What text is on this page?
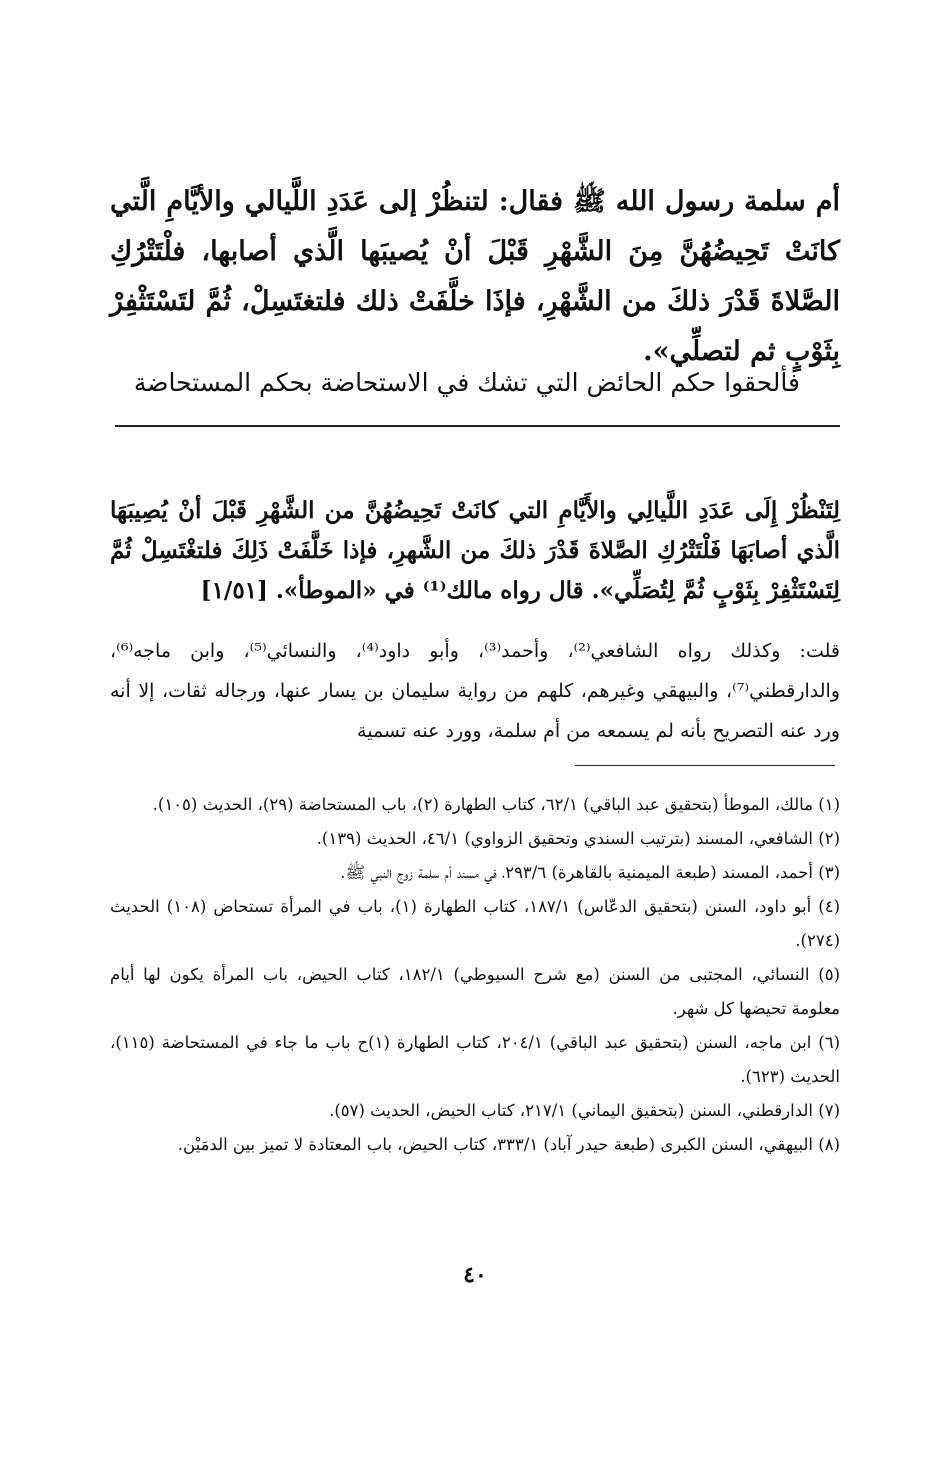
أم سلمة رسول الله ﷺ فقال: لتنظُرْ إلى عَدَدِ اللَّيالي والأيَّامِ الَّتي كانَتْ تَحِيضُهُنَّ مِنَ الشَّهْرِ قَبْلَ أنْ يُصيبَها الَّذي أصابها، فلْتَتْرُكِ الصَّلاةَ قَدْرَ ذلكَ من الشَّهْرِ، فإذَا خلَّفَتْ ذلك فلتغتَسِلْ، ثُمَّ لتَسْتَثْفِرْ بِثَوْبٍ ثم لتصلِّي».

فألحقوا حكم الحائض التي تشك في الاستحاضة بحكم المستحاضة

لِتَنْظُرْ إِلَى عَدَدِ اللَّيالِي والأَيَّامِ التي كانَتْ تَحِيضُهُنَّ من الشَّهْرِ قَبْلَ أنْ يُصِيبَهَا الَّذي أصابَهَا فَلْتَتْرُكِ الصَّلاةَ قَدْرَ ذلكَ من الشَّهرِ، فإذا خَلَّفَتْ ذَلِكَ فلتغْتَسِلْ ثُمَّ لِتَسْتَثْفِرْ بِثَوْبٍ ثُمَّ لِتُصَلِّي». قال رواه مالك⁽¹⁾ في «الموطأ». [١/٥١]

قلت: وكذلك رواه الشافعي⁽²⁾، وأحمد⁽³⁾، وأبو داود⁽⁴⁾، والنسائي⁽⁵⁾، وابن ماجه⁽⁶⁾، والدارقطني⁽⁷⁾، والبيهقي وغيرهم، كلهم من رواية سليمان بن يسار عنها، ورجاله ثقات، إلا أنه ورد عنه التصريح بأنه لم يسمعه من أم سلمة، وورد عنه تسمية

(١) مالك، الموطأ (بتحقيق عبد الباقي) ٦٢/١، كتاب الطهارة (٢)، باب المستحاضة (٢٩)، الحديث (١٠٥).
(٢) الشافعي، المسند (بترتيب السندي وتحقيق الزواوي) ٤٦/١، الحديث (١٣٩).
(٣) أحمد، المسند (طبعة الميمنية بالقاهرة) ٢٩٣/٦، في مسند أم سلمة زوج النبي ﷺ.
(٤) أبو داود، السنن (بتحقيق الدعّاس) ١٨٧/١، كتاب الطهارة (١)، باب في المرأة تستحاض (١٠٨) الحديث (٢٧٤).
(٥) النسائي، المجتبى من السنن (مع شرح السيوطي) ١٨٢/١، كتاب الحيض، باب المرأة يكون لها أيام معلومة تحيضها كل شهر.
(٦) ابن ماجه، السنن (بتحقيق عبد الباقي) ٢٠٤/١، كتاب الطهارة (١)ح باب ما جاء في المستحاضة (١١٥)، الحديث (٦٢٣).
(٧) الدارقطني، السنن (بتحقيق اليماني) ٢١٧/١، كتاب الحيض، الحديث (٥٧).
(٨) البيهقي، السنن الكبرى (طبعة حيدر آباد) ٣٣٣/١، كتاب الحيض، باب المعتادة لا تميز بين الدمَيْن.
٤٠
